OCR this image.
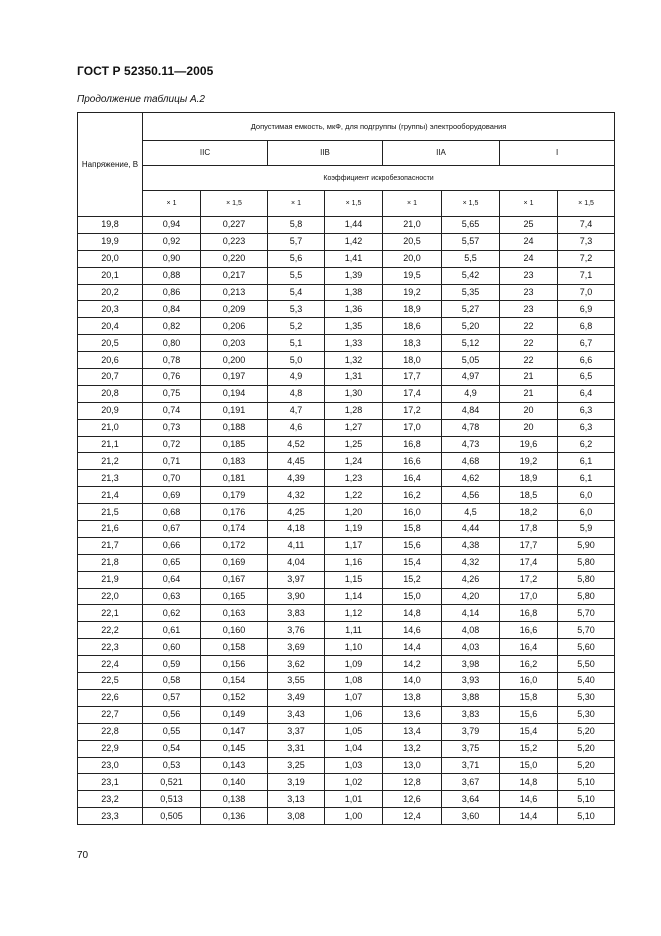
ГОСТ Р 52350.11—2005
Продолжение таблицы А.2
Напряжение, В	Допустимая емкость, мкФ, для подгруппы (группы) электрооборудования							
	IIC		IIB		IIA		I	
	Коэффициент искробезопасности							
	× 1	× 1,5	× 1	× 1,5	× 1	× 1,5	× 1	× 1,5
19,8	0,94	0,227	5,8	1,44	21,0	5,65	25	7,4
19,9	0,92	0,223	5,7	1,42	20,5	5,57	24	7,3
20,0	0,90	0,220	5,6	1,41	20,0	5,5	24	7,2
20,1	0,88	0,217	5,5	1,39	19,5	5,42	23	7,1
20,2	0,86	0,213	5,4	1,38	19,2	5,35	23	7,0
20,3	0,84	0,209	5,3	1,36	18,9	5,27	23	6,9
20,4	0,82	0,206	5,2	1,35	18,6	5,20	22	6,8
20,5	0,80	0,203	5,1	1,33	18,3	5,12	22	6,7
20,6	0,78	0,200	5,0	1,32	18,0	5,05	22	6,6
20,7	0,76	0,197	4,9	1,31	17,7	4,97	21	6,5
20,8	0,75	0,194	4,8	1,30	17,4	4,9	21	6,4
20,9	0,74	0,191	4,7	1,28	17,2	4,84	20	6,3
21,0	0,73	0,188	4,6	1,27	17,0	4,78	20	6,3
21,1	0,72	0,185	4,52	1,25	16,8	4,73	19,6	6,2
21,2	0,71	0,183	4,45	1,24	16,6	4,68	19,2	6,1
21,3	0,70	0,181	4,39	1,23	16,4	4,62	18,9	6,1
21,4	0,69	0,179	4,32	1,22	16,2	4,56	18,5	6,0
21,5	0,68	0,176	4,25	1,20	16,0	4,5	18,2	6,0
21,6	0,67	0,174	4,18	1,19	15,8	4,44	17,8	5,9
21,7	0,66	0,172	4,11	1,17	15,6	4,38	17,7	5,90
21,8	0,65	0,169	4,04	1,16	15,4	4,32	17,4	5,80
21,9	0,64	0,167	3,97	1,15	15,2	4,26	17,2	5,80
22,0	0,63	0,165	3,90	1,14	15,0	4,20	17,0	5,80
22,1	0,62	0,163	3,83	1,12	14,8	4,14	16,8	5,70
22,2	0,61	0,160	3,76	1,11	14,6	4,08	16,6	5,70
22,3	0,60	0,158	3,69	1,10	14,4	4,03	16,4	5,60
22,4	0,59	0,156	3,62	1,09	14,2	3,98	16,2	5,50
22,5	0,58	0,154	3,55	1,08	14,0	3,93	16,0	5,40
22,6	0,57	0,152	3,49	1,07	13,8	3,88	15,8	5,30
22,7	0,56	0,149	3,43	1,06	13,6	3,83	15,6	5,30
22,8	0,55	0,147	3,37	1,05	13,4	3,79	15,4	5,20
22,9	0,54	0,145	3,31	1,04	13,2	3,75	15,2	5,20
23,0	0,53	0,143	3,25	1,03	13,0	3,71	15,0	5,20
23,1	0,521	0,140	3,19	1,02	12,8	3,67	14,8	5,10
23,2	0,513	0,138	3,13	1,01	12,6	3,64	14,6	5,10
23,3	0,505	0,136	3,08	1,00	12,4	3,60	14,4	5,10
70
